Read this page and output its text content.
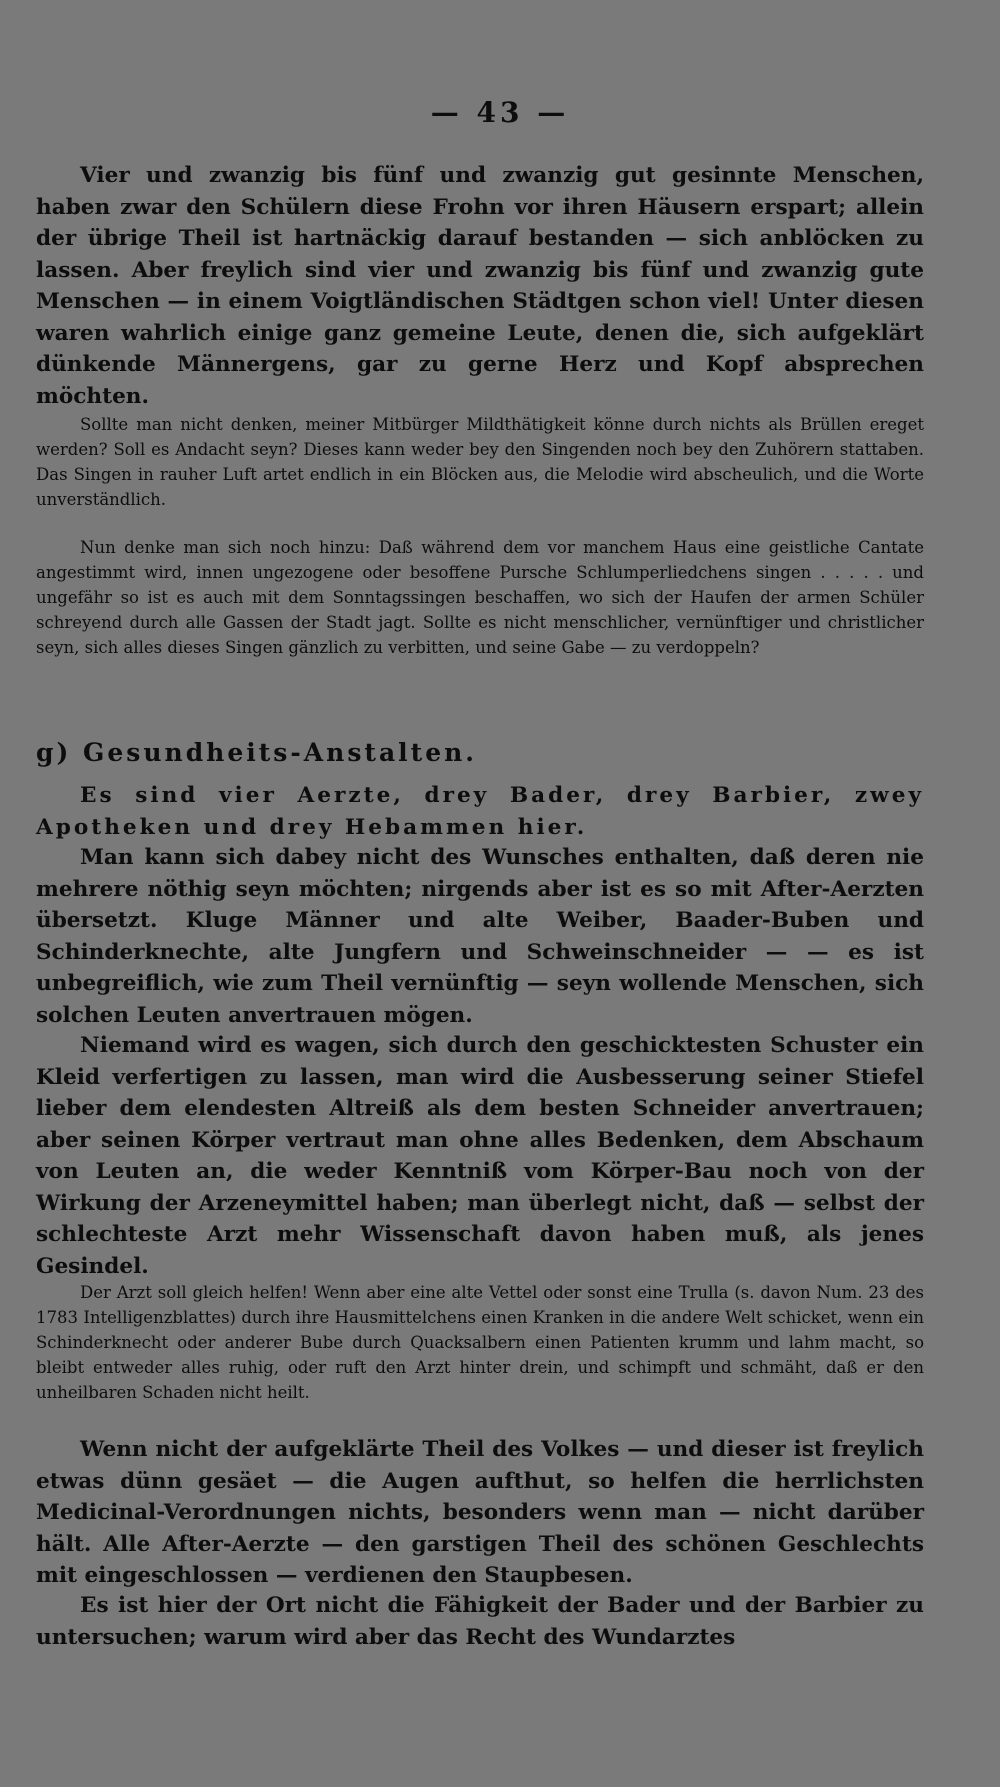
— 43 —

Vier und zwanzig bis fünf und zwanzig gut gesinnte Menschen, haben zwar den Schülern diese Frohn vor ihren Häusern erspart; allein der übrige Theil ist hartnäckig darauf bestanden — sich anblöcken zu lassen. Aber freylich sind vier und zwanzig bis fünf und zwanzig gute Menschen — in einem Voigtländischen Städtgen schon viel! Unter diesen waren wahrlich einige ganz gemeine Leute, denen die, sich aufgeklärt dünkende Männergens, gar zu gerne Herz und Kopf absprechen möchten.

Sollte man nicht denken, meiner Mitbürger Mildthätigkeit könne durch nichts als Brüllen ereget werden? Soll es Andacht seyn? Dieses kann weder bey den Singenden noch bey den Zuhörern stattaben. Das Singen in rauher Luft artet endlich in ein Blöcken aus, die Melodie wird abscheulich, und die Worte unverständlich.

Nun denke man sich noch hinzu: Daß während dem vor manchem Haus eine geistliche Cantate angestimmt wird, innen ungezogene oder besoffene Pursche Schlumperliedchens singen . . . . . und ungefähr so ist es auch mit dem Sonntagssingen beschaffen, wo sich der Haufen der armen Schüler schreyend durch alle Gassen der Stadt jagt. Sollte es nicht menschlicher, vernünftiger und christlicher seyn, sich alles dieses Singen gänzlich zu verbitten, und seine Gabe — zu verdoppeln?

g) Gesundheits-Anstalten.

Es sind vier Aerzte, drey Bader, drey Barbier, zwey Apotheken und drey Hebammen hier.

Man kann sich dabey nicht des Wunsches enthalten, daß deren nie mehrere nöthig seyn möchten; nirgends aber ist es so mit After-Aerzten übersetzt. Kluge Männer und alte Weiber, Baader-Buben und Schinderknechte, alte Jungfern und Schweinschneider — — es ist unbegreiflich, wie zum Theil vernünftig — seyn wollende Menschen, sich solchen Leuten anvertrauen mögen.

Niemand wird es wagen, sich durch den geschicktesten Schuster ein Kleid verfertigen zu lassen, man wird die Ausbesserung seiner Stiefel lieber dem elendesten Altreiß als dem besten Schneider anvertrauen; aber seinen Körper vertraut man ohne alles Bedenken, dem Abschaum von Leuten an, die weder Kenntniß vom Körper-Bau noch von der Wirkung der Arzeneymittel haben; man überlegt nicht, daß — selbst der schlechteste Arzt mehr Wissenschaft davon haben muß, als jenes Gesindel.

Der Arzt soll gleich helfen! Wenn aber eine alte Vettel oder sonst eine Trulla (s. davon Num. 23 des 1783 Intelligenzblattes) durch ihre Hausmittelchens einen Kranken in die andere Welt schicket, wenn ein Schinderknecht oder anderer Bube durch Quacksalbern einen Patienten krumm und lahm macht, so bleibt entweder alles ruhig, oder ruft den Arzt hinter drein, und schimpft und schmäht, daß er den unheilbaren Schaden nicht heilt.

Wenn nicht der aufgeklärte Theil des Volkes — und dieser ist freylich etwas dünn gesäet — die Augen aufthut, so helfen die herrlichsten Medicinal-Verordnungen nichts, besonders wenn man — nicht darüber hält. Alle After-Aerzte — den garstigen Theil des schönen Geschlechts mit eingeschlossen — verdienen den Staupbesen.

Es ist hier der Ort nicht die Fähigkeit der Bader und der Barbier zu untersuchen; warum wird aber das Recht des Wundarztes
